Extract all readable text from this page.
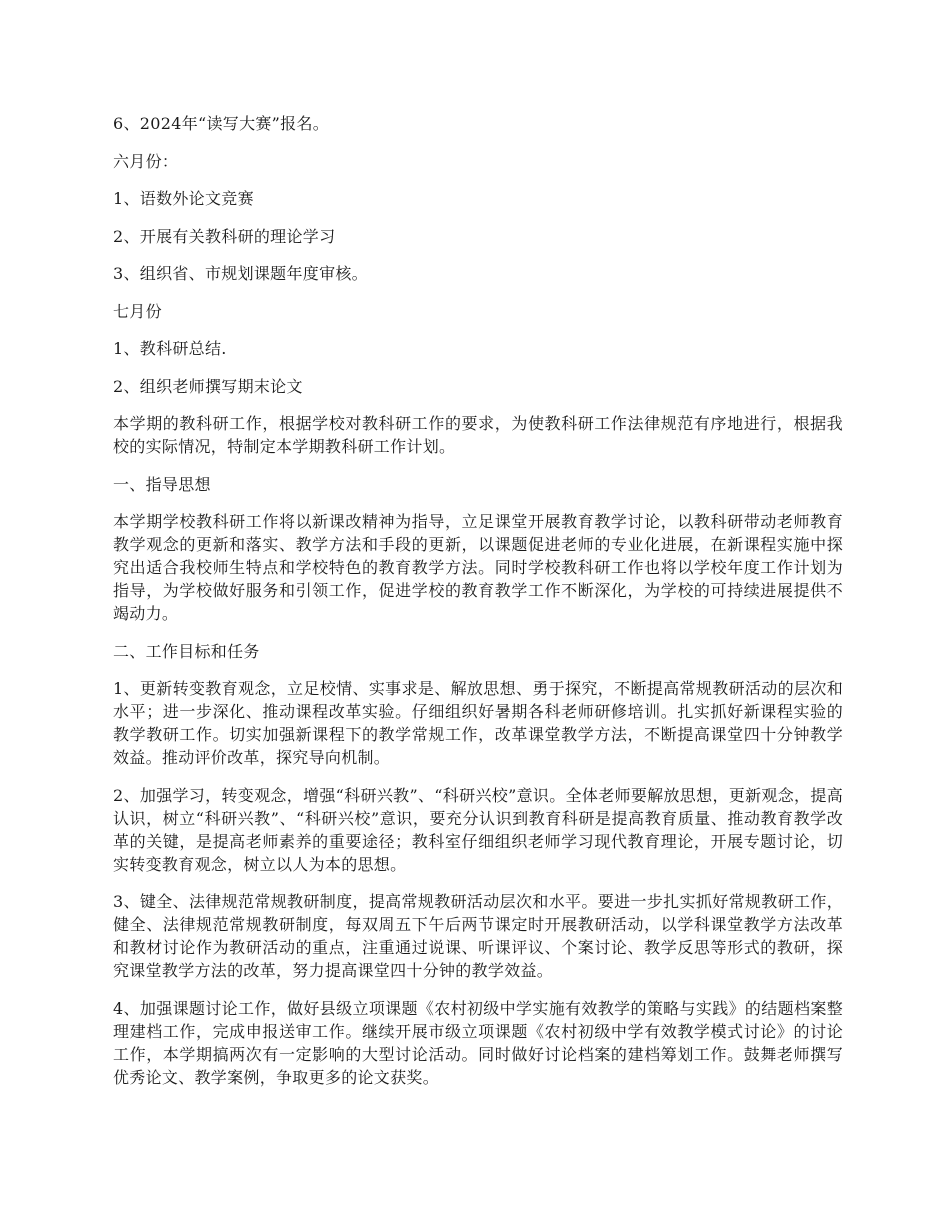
6、2024年“读写大赛”报名。

六月份：

1、语数外论文竞赛

2、开展有关教科研的理论学习

3、组织省、市规划课题年度审核。

七月份

1、教科研总结.

2、组织老师撰写期末论文

本学期的教科研工作，根据学校对教科研工作的要求，为使教科研工作法律规范有序地进行，根据我校的实际情况，特制定本学期教科研工作计划。

一、指导思想

本学期学校教科研工作将以新课改精神为指导，立足课堂开展教育教学讨论，以教科研带动老师教育教学观念的更新和落实、教学方法和手段的更新，以课题促进老师的专业化进展，在新课程实施中探究出适合我校师生特点和学校特色的教育教学方法。同时学校教科研工作也将以学校年度工作计划为指导，为学校做好服务和引领工作，促进学校的教育教学工作不断深化，为学校的可持续进展提供不竭动力。

二、工作目标和任务

1、更新转变教育观念，立足校情、实事求是、解放思想、勇于探究，不断提高常规教研活动的层次和水平；进一步深化、推动课程改革实验。仔细组织好暑期各科老师研修培训。扎实抓好新课程实验的教学教研工作。切实加强新课程下的教学常规工作，改革课堂教学方法，不断提高课堂四十分钟教学效益。推动评价改革，探究导向机制。

2、加强学习，转变观念，增强“科研兴教”、“科研兴校”意识。全体老师要解放思想，更新观念，提高认识，树立“科研兴教”、“科研兴校”意识，要充分认识到教育科研是提高教育质量、推动教育教学改革的关键，是提高老师素养的重要途径；教科室仔细组织老师学习现代教育理论，开展专题讨论，切实转变教育观念，树立以人为本的思想。

3、键全、法律规范常规教研制度，提高常规教研活动层次和水平。要进一步扎实抓好常规教研工作，健全、法律规范常规教研制度，每双周五下午后两节课定时开展教研活动，以学科课堂教学方法改革和教材讨论作为教研活动的重点，注重通过说课、听课评议、个案讨论、教学反思等形式的教研，探究课堂教学方法的改革，努力提高课堂四十分钟的教学效益。

4、加强课题讨论工作，做好县级立项课题《农村初级中学实施有效教学的策略与实践》的结题档案整理建档工作，完成申报送审工作。继续开展市级立项课题《农村初级中学有效教学模式讨论》的讨论工作，本学期搞两次有一定影响的大型讨论活动。同时做好讨论档案的建档筹划工作。鼓舞老师撰写优秀论文、教学案例，争取更多的论文获奖。
